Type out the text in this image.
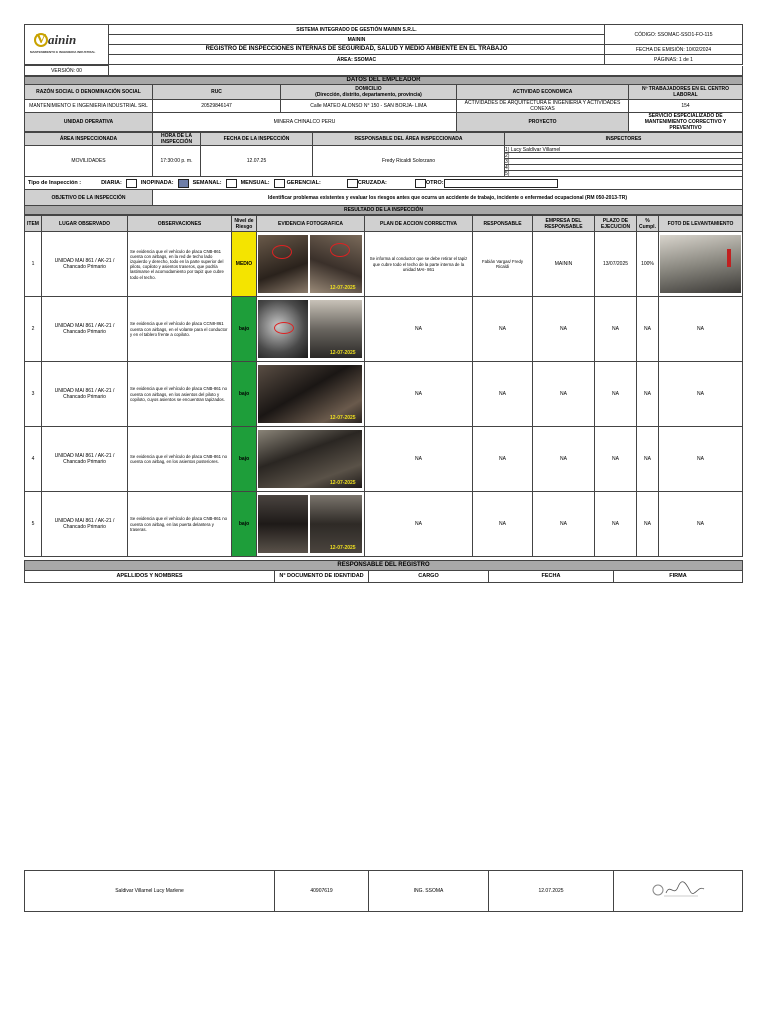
V ainin
MANTENIMIENTO E INGENIERIA INDUSTRIAL	SISTEMA INTEGRADO DE GESTIÓN MAININ S.R.L.	CÓDIGO: SSOMAC-SSO1-FO-115
	MAININ	
	REGISTRO DE INSPECCIONES INTERNAS DE SEGURIDAD, SALUD Y MEDIO AMBIENTE EN EL TRABAJO	FECHA DE EMISIÓN: 10/02/2024
	ÁREA: SSOMAC	PÁGINAS: 1 de 1
VERSIÓN: 00	
DATOS DEL EMPLEADOR				
RAZÓN SOCIAL O DENOMINACIÓN SOCIAL	RUC	DOMICILIO
(Dirección, distrito, departamento, provincia)	ACTIVIDAD ECONOMICA	Nº TRABAJADORES EN EL CENTRO LABORAL
MANTENIMIENTO E INGENIERIA INDUSTRIAL SRL	20529846147	Calle MATEO ALONSO N° 150 - SAN BORJA- LIMA	ACTIVIDADES DE ARQUITECTURA E INGENIERIA Y ACTIVIDADES CONEXAS	154
UNIDAD OPERATIVA	MINERA CHINALCO PERU		PROYECTO	SERVICIO ESPECIALIZADO DE MANTENIMIENTO CORRECTIVO Y PREVENTIVO
ÁREA INSPECCIONADA	HORA DE LA INSPECCIÓN	FECHA DE LA INSPECCIÓN	RESPONSABLE DEL ÁREA INSPECCIONADA	INSPECTORES
MOVILIDADES	17:30:00 p. m.	12.07.25	Fredy Ricaldi Solorzano	1) Lucy Saldívar Villarnel
2)
3)
4)
5)
Tipo de Inspección :	DIARIA:	INOPINADA:	SEMANAL:	MENSUAL:	GERENCIAL:	CRUZADA:	OTRO:
OBJETIVO DE LA INSPECCIÓN	Identificar problemas existentes y evaluar los riesgos antes que ocurra un accidente de trabajo, incidente o enfermedad ocupacional (RM 050-2013-TR)
RESULTADO DE LA INSPECCIÓN
ITEM	LUGAR OBSERVADO	OBSERVACIONES	Nivel de Riesgo	EVIDENCIA FOTOGRAFICA	PLAN DE ACCION CORRECTIVA	RESPONSABLE	EMPRESA DEL RESPONSABLE	PLAZO DE EJECUCION	% Cumpl.	FOTO DE LEVANTAMIENTO
1	UNIDAD MAI 861 / AK-21 / Chancado Primario	Se evidencia que el vehículo de placa CNB-861 cuenta con airbags, en la red de techo lado izquierdo y derecho, todo en la parte superior del piloto, copiloto y asientos traseros, que podría lastimarse el acomodamiento por tapiz que cubre todo el techo.	MEDIO	12-07-2025	Se informa al conductor que se debe retirar el tapiz que cubre todo el techo de la parte interna de la unidad MAI- 861	Fabián Vargas/ Fredy Ricaldi	MAININ	13/07/2025	100%	

2	UNIDAD MAI 861 / AK-21 / Chancado Primario	Se evidencia que el vehículo de placa CCN8-861 cuenta con airbags, en el volante para el conductor y en el tablero frente a copiloto.	bajo	12-07-2025	NA	NA	NA	NA	NA	NA
3	UNIDAD MAI 861 / AK-21 / Chancado Primario	Se evidencia que el vehículo de placa CNB-861 no cuenta con airbags, en los asientos del piloto y copiloto, cuyos asientos se encuentran tapizados.	bajo	12-07-2025	NA	NA	NA	NA	NA	NA
4	UNIDAD MAI 861 / AK-21 / Chancado Primario	Se evidencia que el vehículo de placa CNB-861 no cuenta con airbag, en los asientos posteriores.	bajo	12-07-2025	NA	NA	NA	NA	NA	NA
5	UNIDAD MAI 861 / AK-21 / Chancado Primario	Se evidencia que el vehículo de placa CNB-861 no cuenta con airbag, en las puerta delantera y traseras.	bajo	12-07-2025	NA	NA	NA	NA	NA	NA
RESPONSABLE DEL REGISTRO
APELLIDOS Y NOMBRES	N° DOCUMENTO DE IDENTIDAD	CARGO	FECHA	FIRMA
Saldivar Villarnel Lucy Marlene	40907619	ING. SSOMA	12.07.2025	
